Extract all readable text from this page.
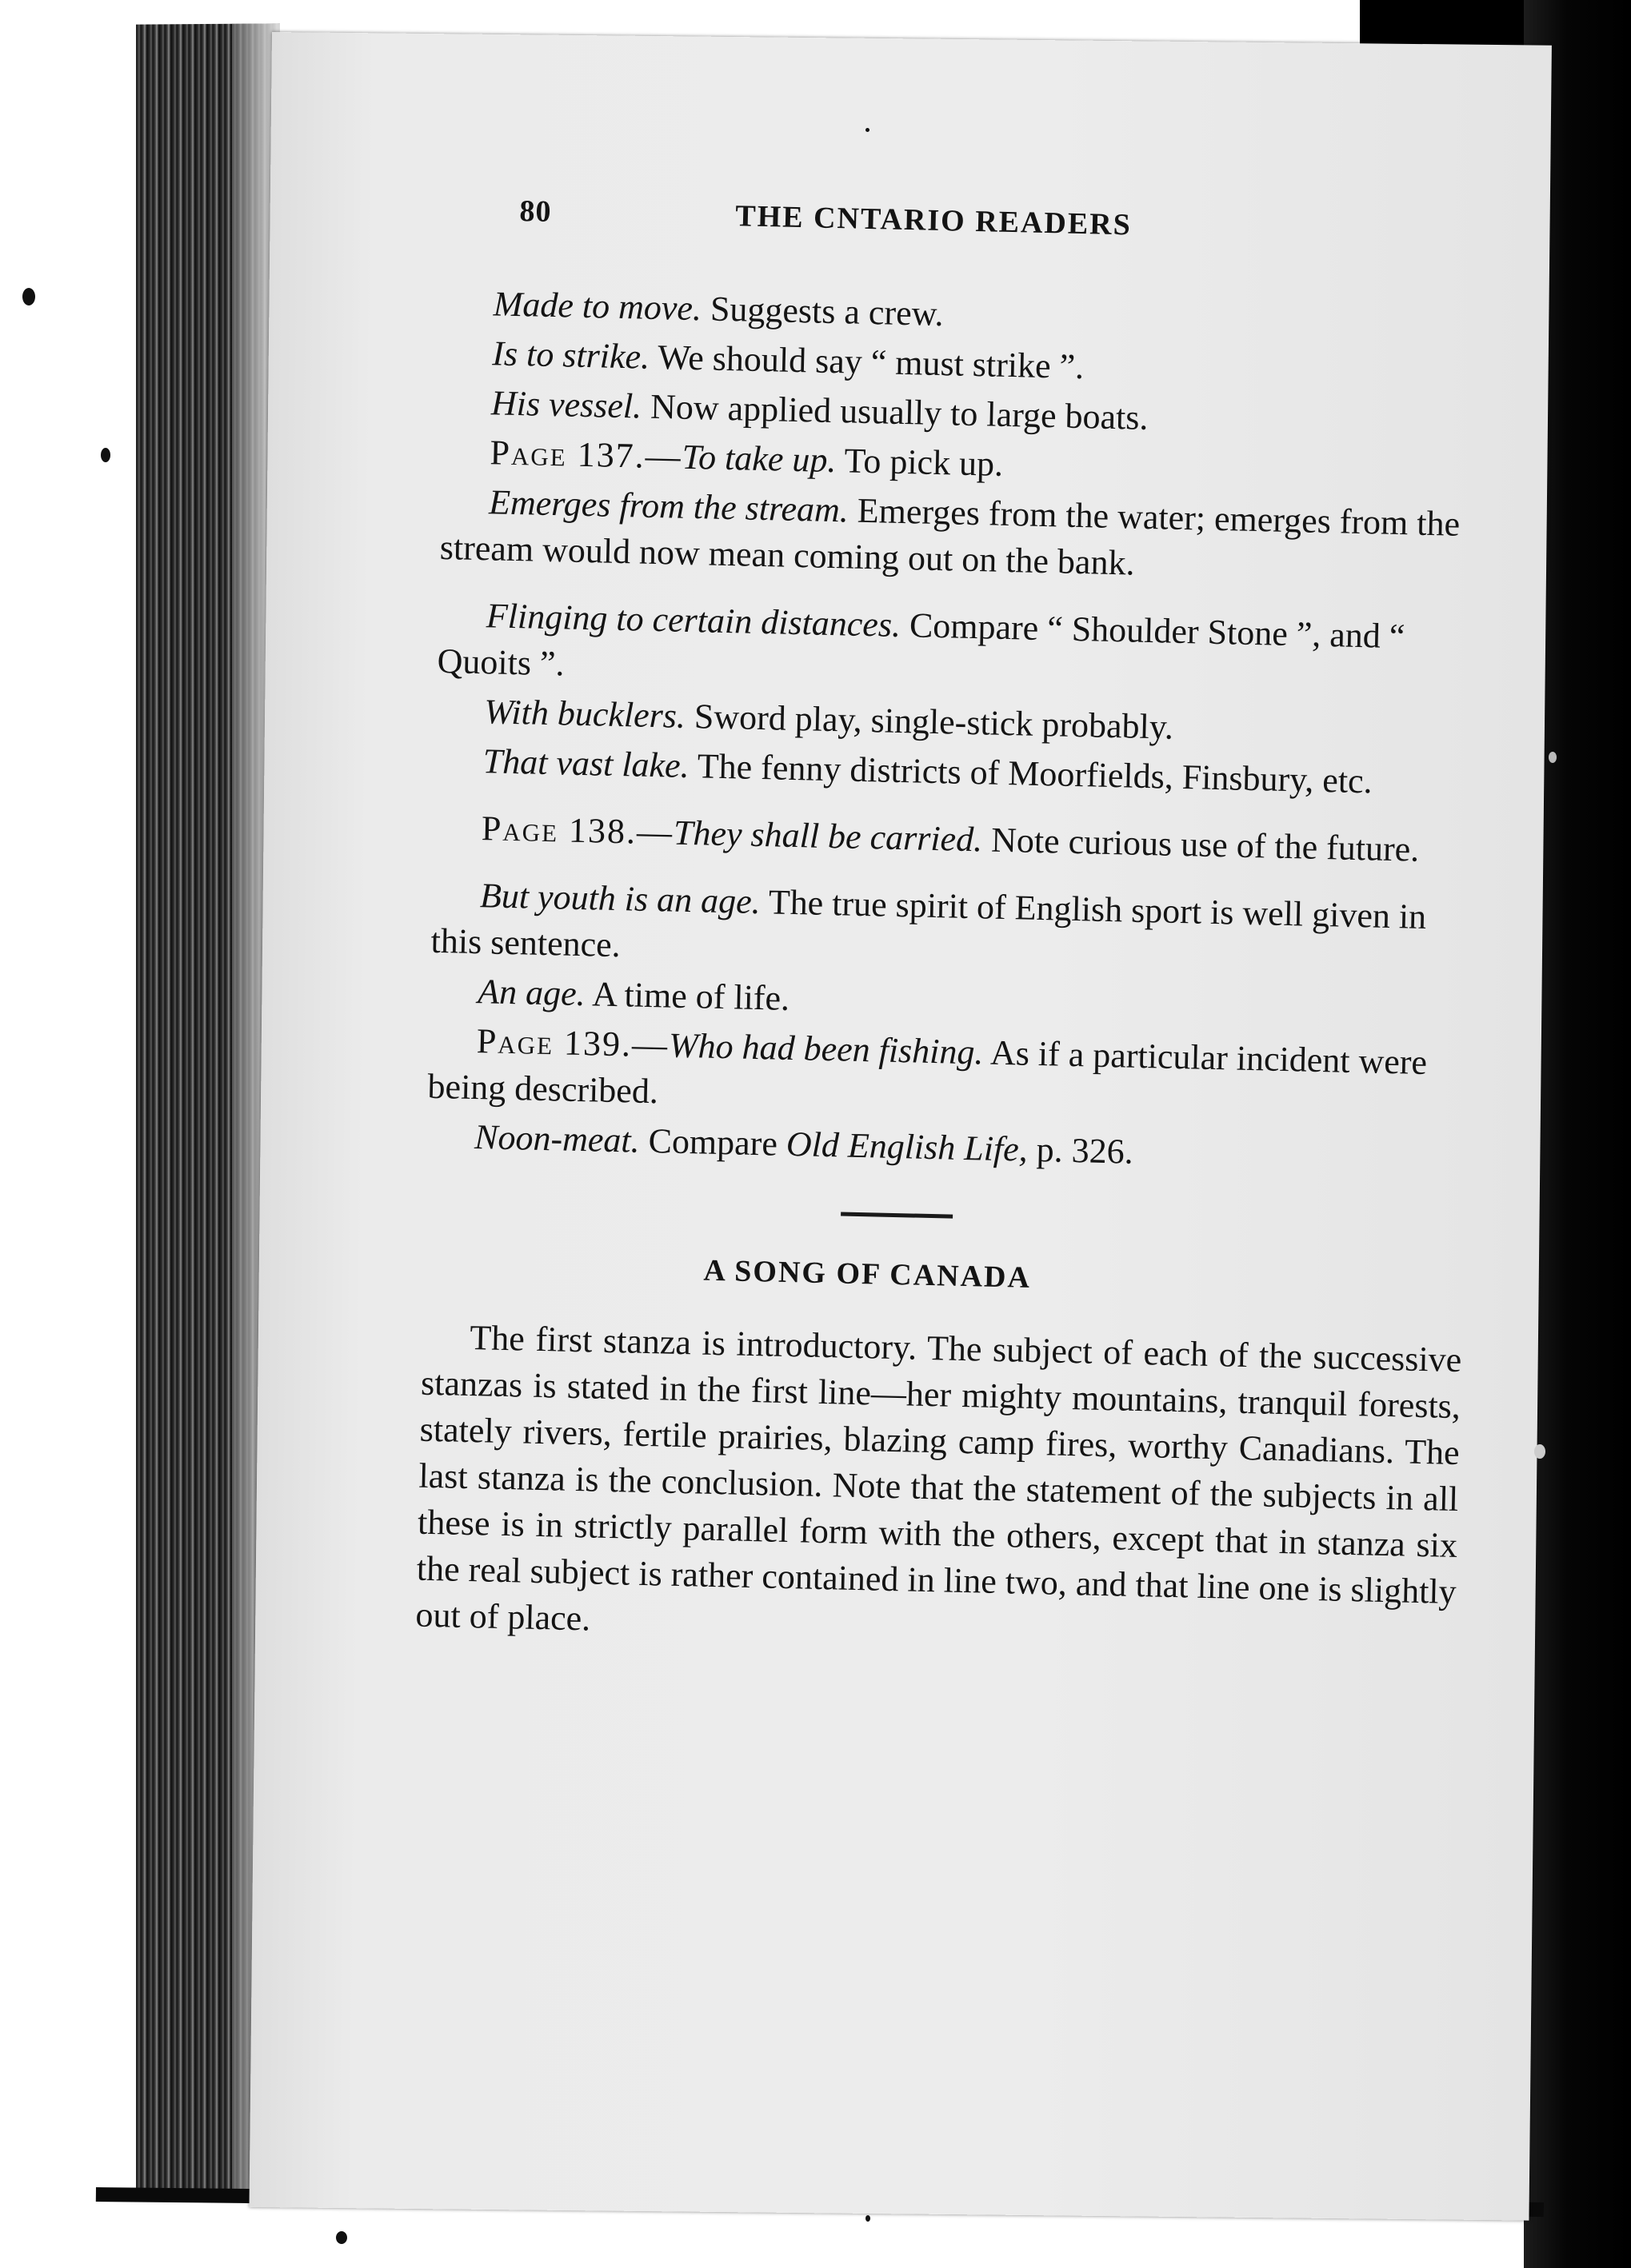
80	THE CNTARIO READERS

Made to move. Suggests a crew.

Is to strike. We should say “ must strike ”.

His vessel. Now applied usually to large boats.

Page 137.—To take up. To pick up.

Emerges from the stream. Emerges from the water; emerges from the stream would now mean coming out on the bank.

Flinging to certain distances. Compare “ Shoulder Stone ”, and “ Quoits ”.

With bucklers. Sword play, single-stick probably.

That vast lake. The fenny districts of Moorfields, Finsbury, etc.

Page 138.—They shall be carried. Note curious use of the future.

But youth is an age. The true spirit of English sport is well given in this sentence.

An age. A time of life.

Page 139.—Who had been fishing. As if a particular incident were being described.

Noon-meat. Compare Old English Life, p. 326.

A SONG OF CANADA

The first stanza is introductory. The subject of each of the successive stanzas is stated in the first line—her mighty mountains, tranquil forests, stately rivers, fertile prairies, blazing camp fires, worthy Canadians. The last stanza is the conclusion. Note that the statement of the subjects in all these is in strictly parallel form with the others, except that in stanza six the real subject is rather contained in line two, and that line one is slightly out of place.
